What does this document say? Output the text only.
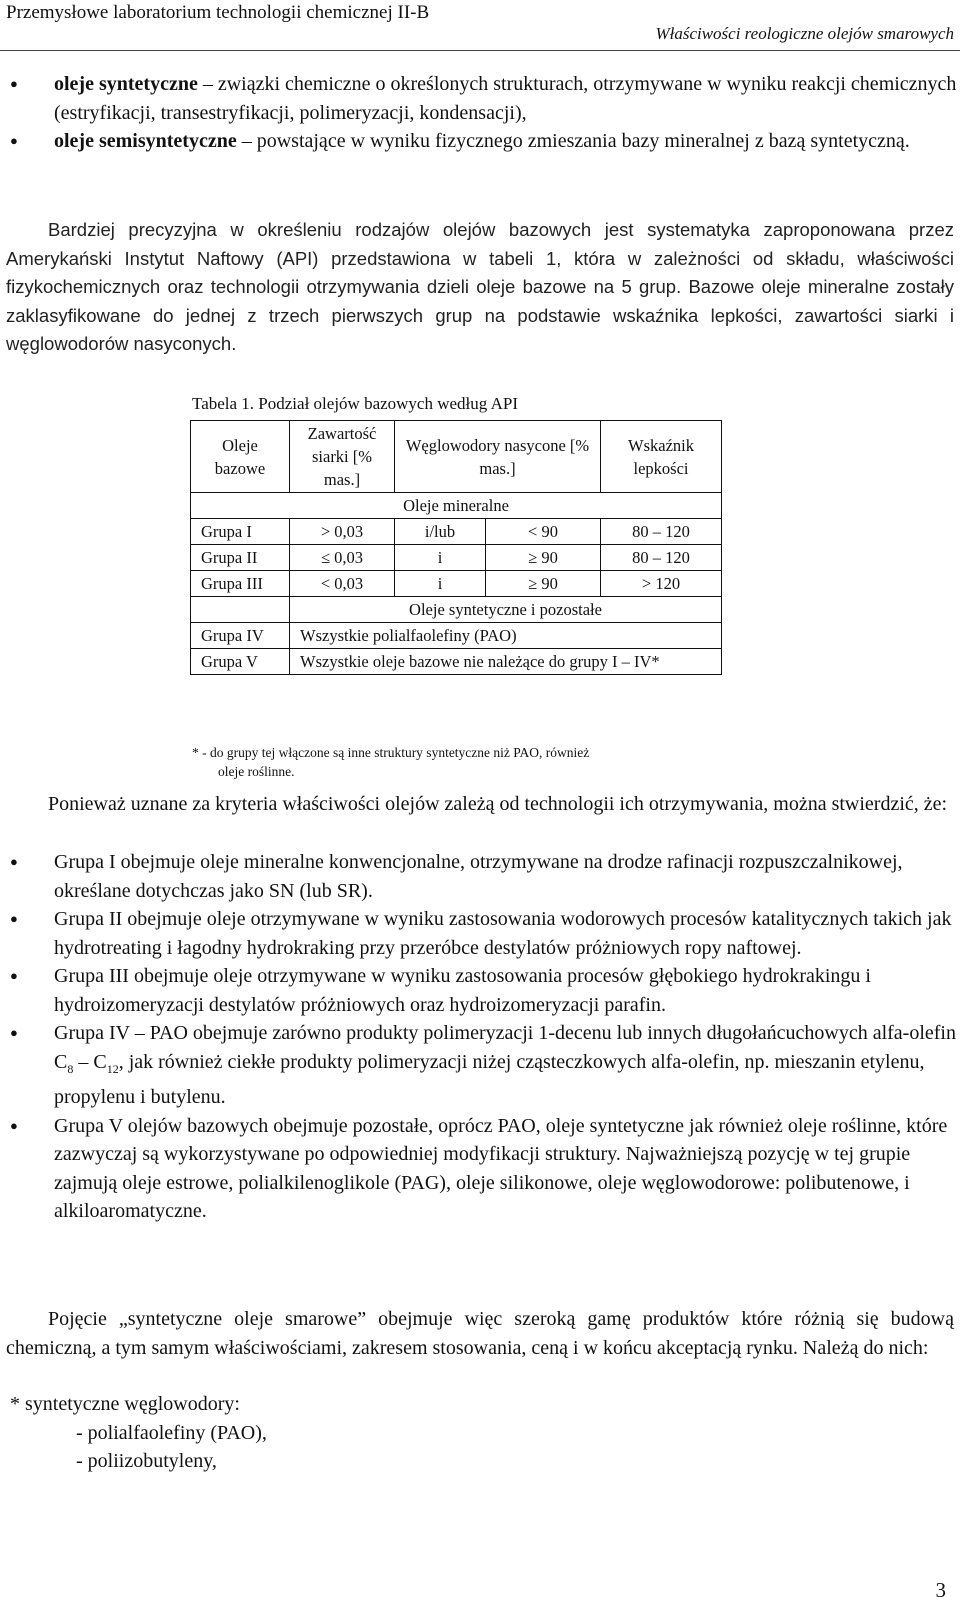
Przemysłowe laboratorium technologii chemicznej II-B
Właściwości reologiczne olejów smarowych
● oleje syntetyczne – związki chemiczne o określonych strukturach, otrzymywane w wyniku reakcji chemicznych (estryfikacji, transestryfikacji, polimeryzacji, kondensacji),
● oleje semisyntetyczne – powstające w wyniku fizycznego zmieszania bazy mineralnej z bazą syntetyczną.
Bardziej precyzyjna w określeniu rodzajów olejów bazowych jest systematyka zaproponowana przez Amerykański Instytut Naftowy (API) przedstawiona w tabeli 1, która w zależności od składu, właściwości fizykochemicznych oraz technologii otrzymywania dzieli oleje bazowe na 5 grup. Bazowe oleje mineralne zostały zaklasyfikowane do jednej z trzech pierwszych grup na podstawie wskaźnika lepkości, zawartości siarki i węglowodorów nasyconych.
Tabela 1. Podział olejów bazowych według API
Oleje bazowe	Zawartość siarki [% mas.]	Węglowodory nasycone [% mas.]		Wskaźnik lepkości
Oleje mineralne				
Grupa I	> 0,03	i/lub	< 90	80 – 120
Grupa II	≤ 0,03	i	≥ 90	80 – 120
Grupa III	< 0,03	i	≥ 90	> 120
	Oleje syntetyczne i pozostałe			
Grupa IV	Wszystkie polialfaolefiny (PAO)			
Grupa V	Wszystkie oleje bazowe nie należące do grupy I – IV*			
* - do grupy tej włączone są inne struktury syntetyczne niż PAO, również
oleje roślinne.
Ponieważ uznane za kryteria właściwości olejów zależą od technologii ich otrzymywania, można stwierdzić, że:
● Grupa I obejmuje oleje mineralne konwencjonalne, otrzymywane na drodze rafinacji rozpuszczalnikowej, określane dotychczas jako SN (lub SR).
● Grupa II obejmuje oleje otrzymywane w wyniku zastosowania wodorowych procesów katalitycznych takich jak hydrotreating i łagodny hydrokraking przy przeróbce destylatów próżniowych ropy naftowej.
● Grupa III obejmuje oleje otrzymywane w wyniku zastosowania procesów głębokiego hydrokrakingu i hydroizomeryzacji destylatów próżniowych oraz hydroizomeryzacji parafin.
● Grupa IV – PAO obejmuje zarówno produkty polimeryzacji 1-decenu lub innych długołańcuchowych alfa-olefin $C_8 - C_{12}$, jak również ciekłe produkty polimeryzacji niżej cząsteczkowych alfa-olefin, np. mieszanin etylenu, propylenu i butylenu.
● Grupa V olejów bazowych obejmuje pozostałe, oprócz PAO, oleje syntetyczne jak również oleje roślinne, które zazwyczaj są wykorzystywane po odpowiedniej modyfikacji struktury. Najważniejszą pozycję w tej grupie zajmują oleje estrowe, polialkilenoglikole (PAG), oleje silikonowe, oleje węglowodorowe: polibutenowe, i alkiloaromatyczne.
Pojęcie „syntetyczne oleje smarowe” obejmuje więc szeroką gamę produktów które różnią się budową chemiczną, a tym samym właściwościami, zakresem stosowania, ceną i w końcu akceptacją rynku. Należą do nich:
* syntetyczne węglowodory:
- polialfaolefiny (PAO),
- poliizobutyleny,
3
